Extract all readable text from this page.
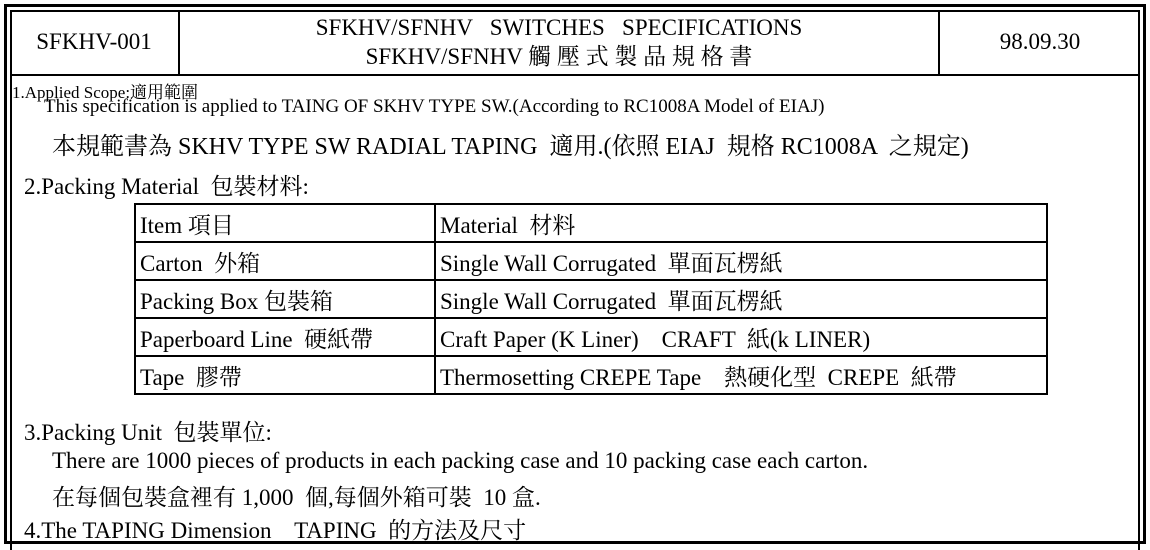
SFKHV-001
SFKHV/SFNHV   SWITCHES   SPECIFICATIONS
SFKHV/SFNHV 觸 壓 式 製 品 規 格 書
98.09.30
1.Applied Scope:適用範圍
This specification is applied to TAING OF SKHV TYPE SW.(According to RC1008A Model of EIAJ)
本規範書為 SKHV TYPE SW RADIAL TAPING  適用.(依照 EIAJ  規格 RC1008A  之規定)
2.Packing Material  包裝材料:
Item 項目	Material  材料
Carton  外箱	Single Wall Corrugated  單面瓦楞紙
Packing Box 包裝箱	Single Wall Corrugated  單面瓦楞紙
Paperboard Line  硬紙帶	Craft Paper (K Liner)    CRAFT  紙(k LINER)
Tape  膠帶	Thermosetting CREPE Tape    熱硬化型  CREPE  紙帶
3.Packing Unit  包裝單位:
There are 1000 pieces of products in each packing case and 10 packing case each carton.
在每個包裝盒裡有 1,000  個,每個外箱可裝  10 盒.
4.The TAPING Dimension    TAPING  的方法及尺寸
